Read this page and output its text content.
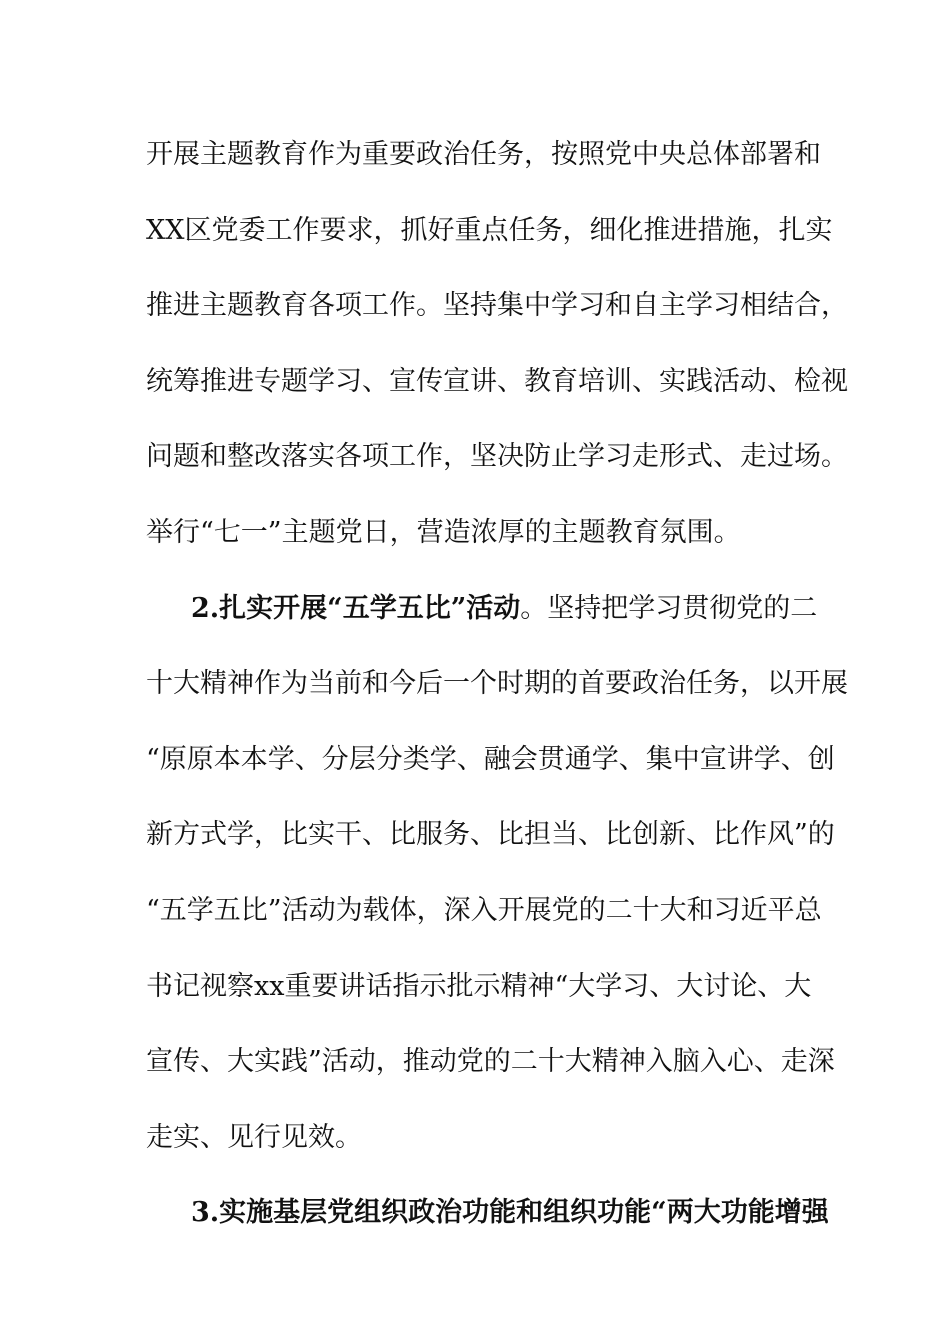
开展主题教育作为重要政治任务，按照党中央总体部署和
XX区党委工作要求，抓好重点任务，细化推进措施，扎实
推进主题教育各项工作。坚持集中学习和自主学习相结合，
统筹推进专题学习、宣传宣讲、教育培训、实践活动、检视
问题和整改落实各项工作，坚决防止学习走形式、走过场。
举行“七一”主题党日，营造浓厚的主题教育氛围。
2.扎实开展“五学五比”活动。坚持把学习贯彻党的二
十大精神作为当前和今后一个时期的首要政治任务，以开展
“原原本本学、分层分类学、融会贯通学、集中宣讲学、创
新方式学，比实干、比服务、比担当、比创新、比作风”的
“五学五比”活动为载体，深入开展党的二十大和习近平总
书记视察xx重要讲话指示批示精神“大学习、大讨论、大
宣传、大实践”活动，推动党的二十大精神入脑入心、走深
走实、见行见效。
3.实施基层党组织政治功能和组织功能“两大功能增强
